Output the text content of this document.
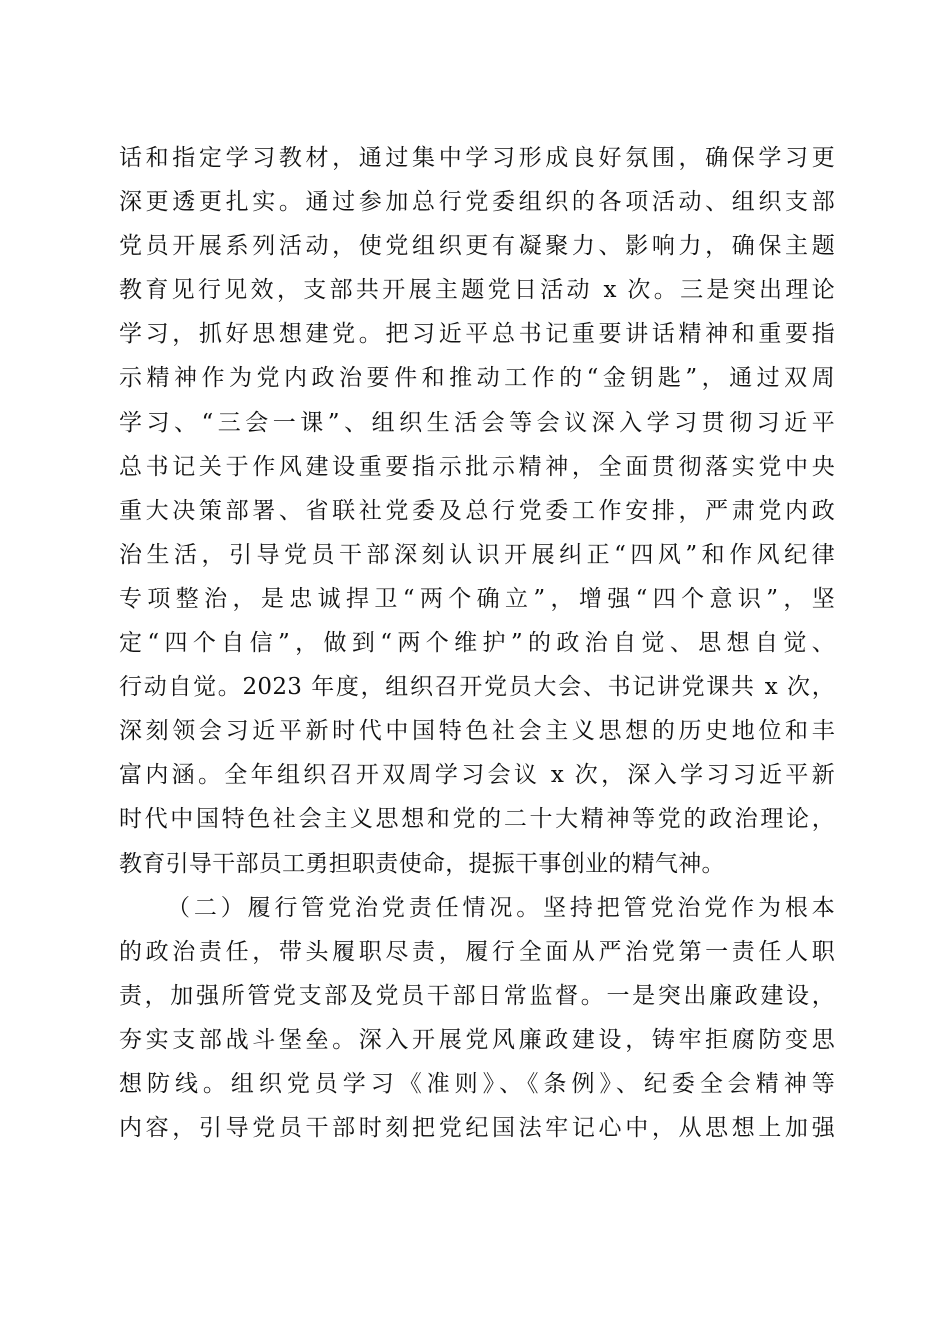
话和指定学习教材，通过集中学习形成良好氛围，确保学习更
深更透更扎实。通过参加总行党委组织的各项活动、组织支部
党员开展系列活动，使党组织更有凝聚力、影响力，确保主题
教育见行见效，支部共开展主题党日活动 x 次。三是突出理论
学习，抓好思想建党。把习近平总书记重要讲话精神和重要指
示精神作为党内政治要件和推动工作的“金钥匙”，通过双周
学习、“三会一课”、组织生活会等会议深入学习贯彻习近平
总书记关于作风建设重要指示批示精神，全面贯彻落实党中央
重大决策部署、省联社党委及总行党委工作安排，严肃党内政
治生活，引导党员干部深刻认识开展纠正“四风”和作风纪律
专项整治，是忠诚捍卫“两个确立”，增强“四个意识”，坚
定“四个自信”，做到“两个维护”的政治自觉、思想自觉、
行动自觉。2023 年度，组织召开党员大会、书记讲党课共 x 次，
深刻领会习近平新时代中国特色社会主义思想的历史地位和丰
富内涵。全年组织召开双周学习会议 x 次，深入学习习近平新
时代中国特色社会主义思想和党的二十大精神等党的政治理论，
教育引导干部员工勇担职责使命，提振干事创业的精气神。
（二）履行管党治党责任情况。坚持把管党治党作为根本
的政治责任，带头履职尽责，履行全面从严治党第一责任人职
责，加强所管党支部及党员干部日常监督。一是突出廉政建设，
夯实支部战斗堡垒。深入开展党风廉政建设，铸牢拒腐防变思
想防线。组织党员学习《准则》、《条例》、纪委全会精神等
内容，引导党员干部时刻把党纪国法牢记心中，从思想上加强
